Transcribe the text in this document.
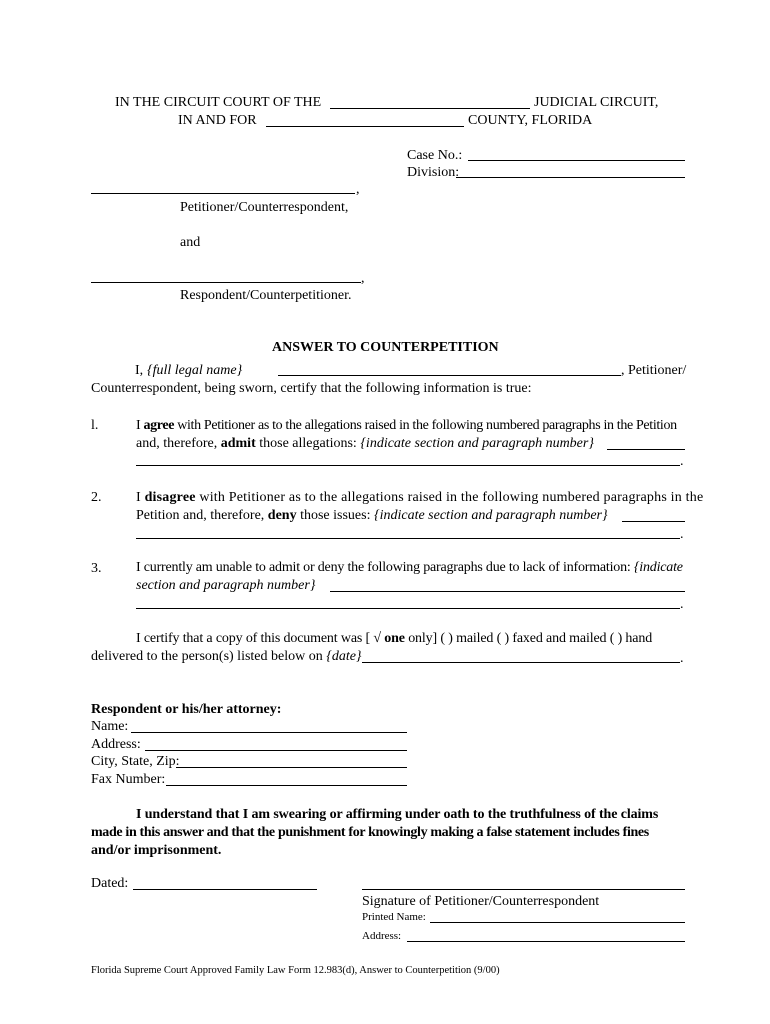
IN THE CIRCUIT COURT OF THE	JUDICIAL CIRCUIT,
IN AND FOR	COUNTY, FLORIDA
Case No.:
Division:
,
Petitioner/Counterrespondent,
and
,
Respondent/Counterpetitioner.
ANSWER TO COUNTERPETITION
I, {full legal name}	, Petitioner/
Counterrespondent, being sworn, certify that the following information is true:
l.	I agree with Petitioner as to the allegations raised in the following numbered paragraphs in the Petition
and, therefore, admit those allegations: {indicate section and paragraph number}
.
2. I disagree with Petitioner as to the allegations raised in the following numbered paragraphs in the
Petition and, therefore, deny those issues: {indicate section and paragraph number}
.
3. I currently am unable to admit or deny the following paragraphs due to lack of information: {indicate
section and paragraph number}
.
I certify that a copy of this document was [ √ one only] ( ) mailed ( ) faxed and mailed ( ) hand
delivered to the person(s) listed below on {date}	.
Respondent or his/her attorney:
Name:
Address:
City, State, Zip:
Fax Number:
I understand that I am swearing or affirming under oath to the truthfulness of the claims
made in this answer and that the punishment for knowingly making a false statement includes fines
and/or imprisonment.
Dated:
Signature of Petitioner/Counterrespondent
Printed Name:
Address:
Florida Supreme Court Approved Family Law Form 12.983(d), Answer to Counterpetition (9/00)
